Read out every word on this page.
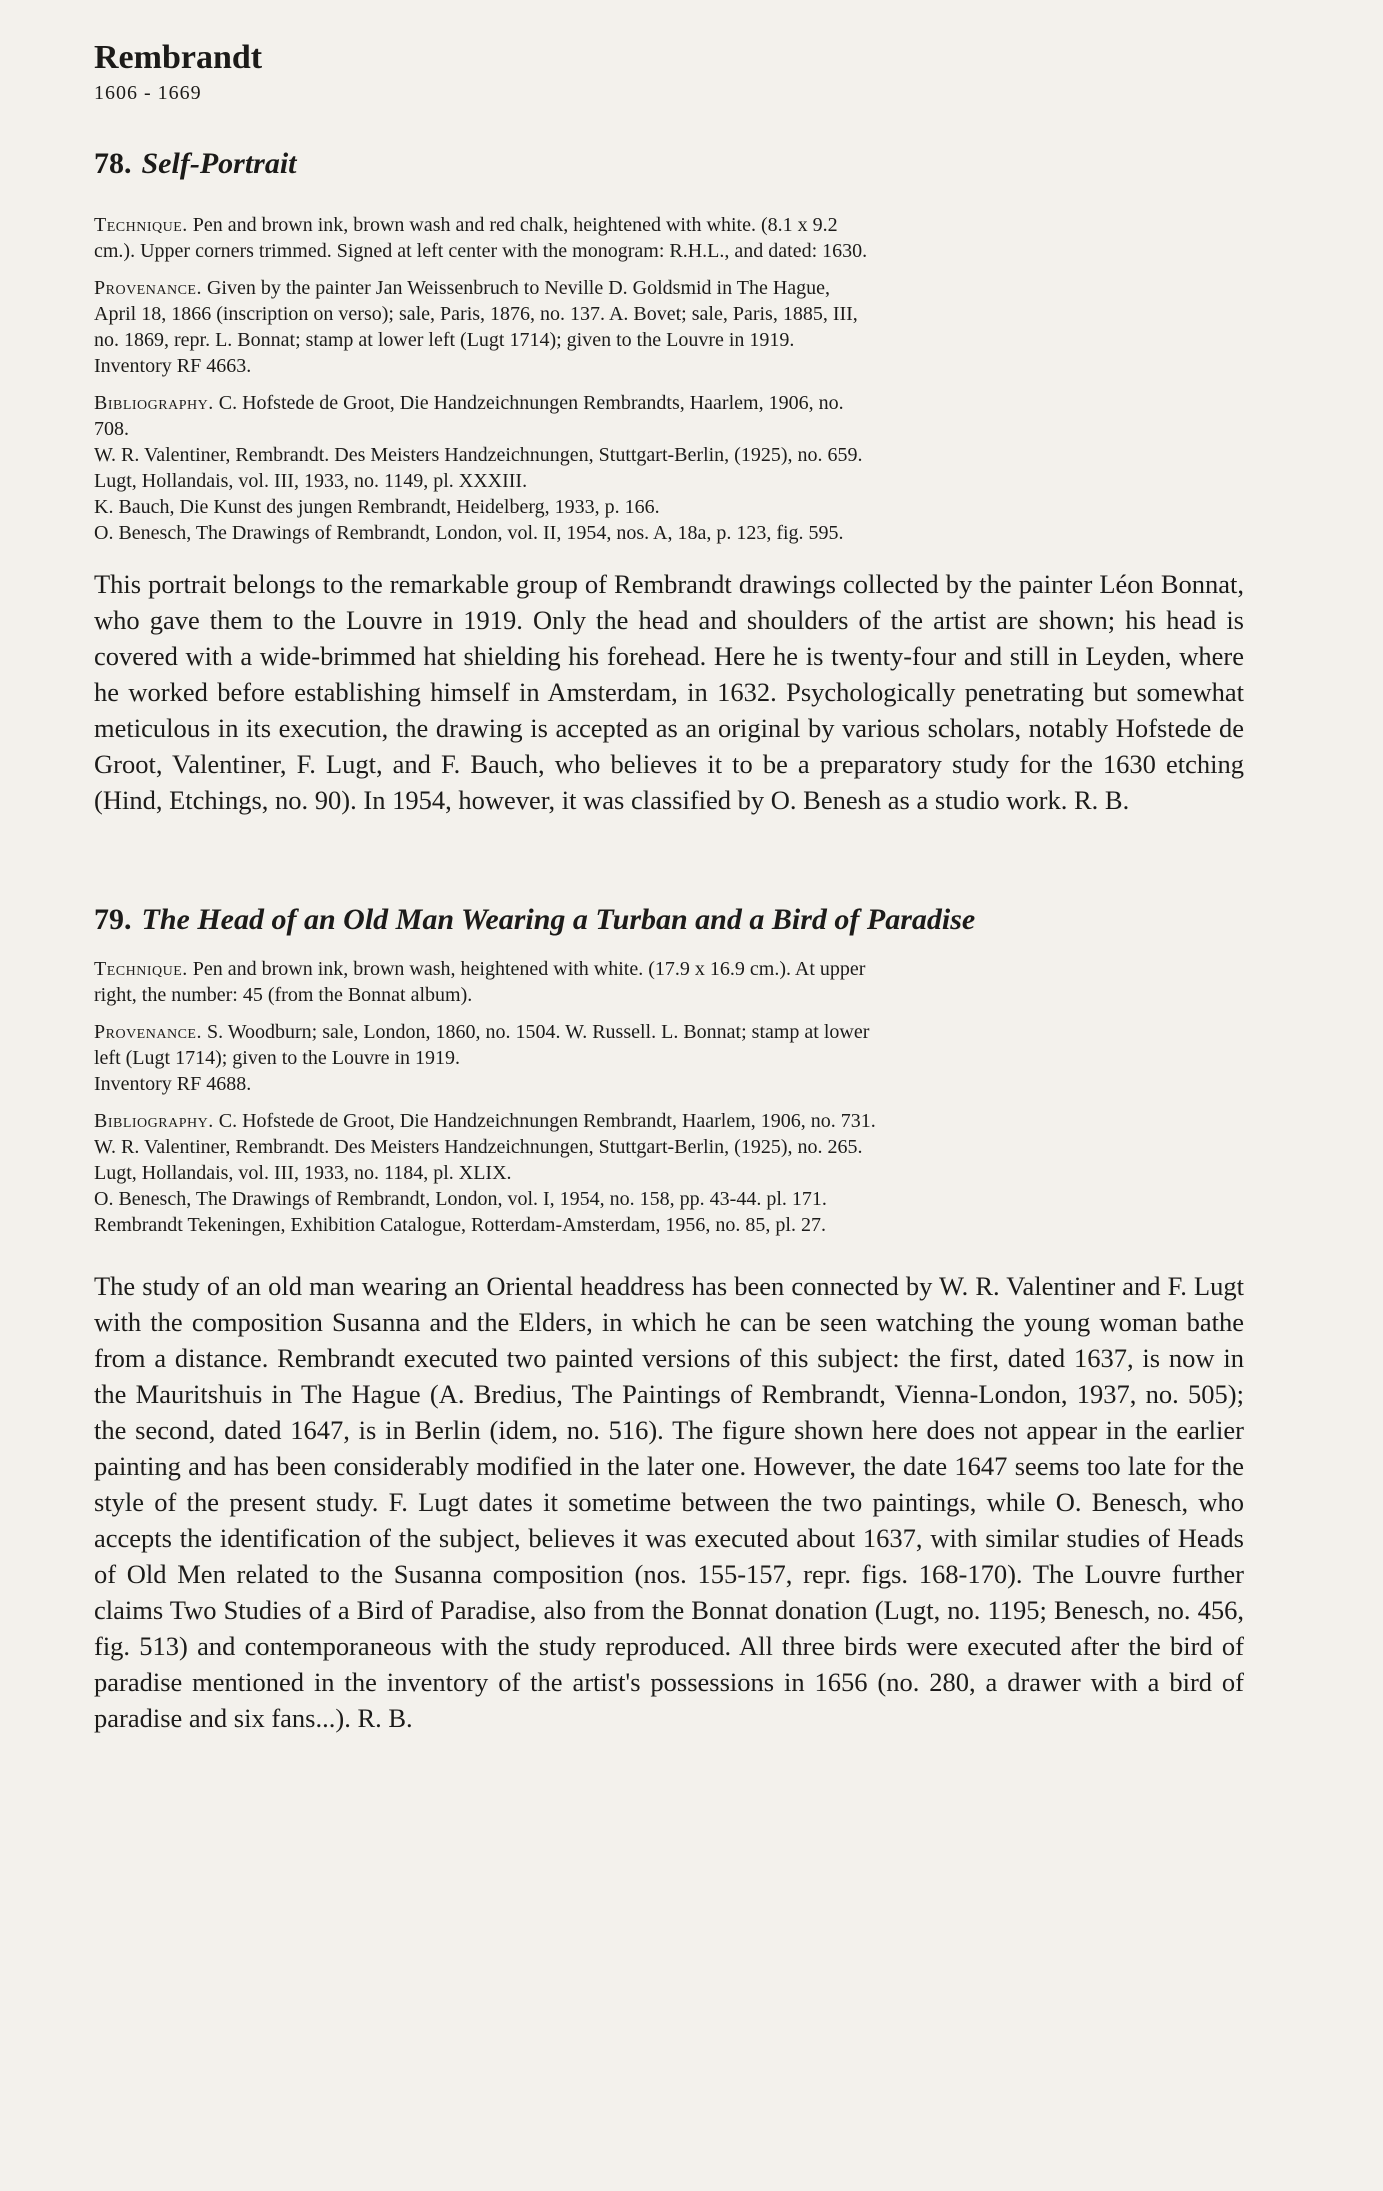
Rembrandt
1606 - 1669
78. Self-Portrait

Technique. Pen and brown ink, brown wash and red chalk, heightened with white. (8.1 x 9.2 cm.). Upper corners trimmed. Signed at left center with the monogram: R.H.L., and dated: 1630.

Provenance. Given by the painter Jan Weissenbruch to Neville D. Goldsmid in The Hague, April 18, 1866 (inscription on verso); sale, Paris, 1876, no. 137. A. Bovet; sale, Paris, 1885, III, no. 1869, repr. L. Bonnat; stamp at lower left (Lugt 1714); given to the Louvre in 1919.

Inventory RF 4663.

Bibliography. C. Hofstede de Groot, Die Handzeichnungen Rembrandts, Haarlem, 1906, no. 708.

W. R. Valentiner, Rembrandt. Des Meisters Handzeichnungen, Stuttgart-Berlin, (1925), no. 659.

Lugt, Hollandais, vol. III, 1933, no. 1149, pl. XXXIII.

K. Bauch, Die Kunst des jungen Rembrandt, Heidelberg, 1933, p. 166.

O. Benesch, The Drawings of Rembrandt, London, vol. II, 1954, nos. A, 18a, p. 123, fig. 595.

This portrait belongs to the remarkable group of Rembrandt drawings collected by the painter Léon Bonnat, who gave them to the Louvre in 1919. Only the head and shoulders of the artist are shown; his head is covered with a wide-brimmed hat shielding his forehead. Here he is twenty-four and still in Leyden, where he worked before establishing himself in Amsterdam, in 1632. Psychologically penetrating but somewhat meticulous in its execution, the drawing is accepted as an original by various scholars, notably Hofstede de Groot, Valentiner, F. Lugt, and F. Bauch, who believes it to be a preparatory study for the 1630 etching (Hind, Etchings, no. 90). In 1954, however, it was classified by O. Benesh as a studio work. R. B.

79. The Head of an Old Man Wearing a Turban and a Bird of Paradise

Technique. Pen and brown ink, brown wash, heightened with white. (17.9 x 16.9 cm.). At upper right, the number: 45 (from the Bonnat album).

Provenance. S. Woodburn; sale, London, 1860, no. 1504. W. Russell. L. Bonnat; stamp at lower left (Lugt 1714); given to the Louvre in 1919.

Inventory RF 4688.

Bibliography. C. Hofstede de Groot, Die Handzeichnungen Rembrandt, Haarlem, 1906, no. 731.

W. R. Valentiner, Rembrandt. Des Meisters Handzeichnungen, Stuttgart-Berlin, (1925), no. 265.

Lugt, Hollandais, vol. III, 1933, no. 1184, pl. XLIX.

O. Benesch, The Drawings of Rembrandt, London, vol. I, 1954, no. 158, pp. 43-44. pl. 171.

Rembrandt Tekeningen, Exhibition Catalogue, Rotterdam-Amsterdam, 1956, no. 85, pl. 27.

The study of an old man wearing an Oriental headdress has been connected by W. R. Valentiner and F. Lugt with the composition Susanna and the Elders, in which he can be seen watching the young woman bathe from a distance. Rembrandt executed two painted versions of this subject: the first, dated 1637, is now in the Mauritshuis in The Hague (A. Bredius, The Paintings of Rembrandt, Vienna-London, 1937, no. 505); the second, dated 1647, is in Berlin (idem, no. 516). The figure shown here does not appear in the earlier painting and has been considerably modified in the later one. However, the date 1647 seems too late for the style of the present study. F. Lugt dates it sometime between the two paintings, while O. Benesch, who accepts the identification of the subject, believes it was executed about 1637, with similar studies of Heads of Old Men related to the Susanna composition (nos. 155-157, repr. figs. 168-170). The Louvre further claims Two Studies of a Bird of Paradise, also from the Bonnat donation (Lugt, no. 1195; Benesch, no. 456, fig. 513) and contemporaneous with the study reproduced. All three birds were executed after the bird of paradise mentioned in the inventory of the artist's possessions in 1656 (no. 280, a drawer with a bird of paradise and six fans...). R. B.
